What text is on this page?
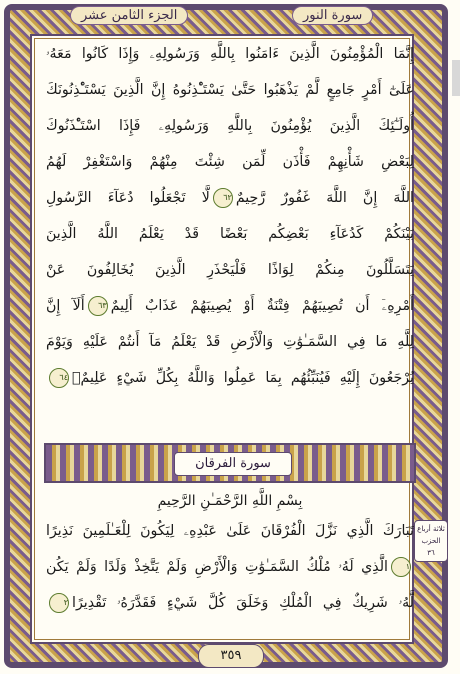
الجزء الثامن عشر	سورة النور
إِنَّمَا الْمُؤْمِنُونَ الَّذِينَ ءَامَنُوا بِاللَّهِ وَرَسُولِهِۦ وَإِذَا كَانُوا مَعَهُۥ
عَلَىٰٓ أَمْرٍ جَامِعٍ لَّمْ يَذْهَبُوا حَتَّىٰ يَسْتَـْٔذِنُوهُ إِنَّ الَّذِينَ يَسْتَـْٔذِنُونَكَ
أُولَـٰٓئِكَ الَّذِينَ يُؤْمِنُونَ بِاللَّهِ وَرَسُولِهِۦ فَإِذَا اسْتَـْٔذَنُوكَ
لِبَعْضِ شَأْنِهِمْ فَأْذَن لِّمَن شِئْتَ مِنْهُمْ وَاسْتَغْفِرْ لَهُمُ
اللَّهَ إِنَّ اللَّهَ غَفُورٌ رَّحِيمٌ٦٢لَّا تَجْعَلُوا دُعَآءَ الرَّسُولِ
بَيْنَكُمْ كَدُعَآءِ بَعْضِكُم بَعْضًا قَدْ يَعْلَمُ اللَّهُ الَّذِينَ
يَتَسَلَّلُونَ مِنكُمْ لِوَاذًا فَلْيَحْذَرِ الَّذِينَ يُخَالِفُونَ عَنْ
أَمْرِهِۦٓ أَن تُصِيبَهُمْ فِتْنَةٌ أَوْ يُصِيبَهُمْ عَذَابٌ أَلِيمٌ٦٣أَلَآ إِنَّ
لِلَّهِ مَا فِي السَّمَـٰوَٰتِ وَالْأَرْضِ قَدْ يَعْلَمُ مَآ أَنتُمْ عَلَيْهِ وَيَوْمَ
يُرْجَعُونَ إِلَيْهِ فَيُنَبِّئُهُم بِمَا عَمِلُوا وَاللَّهُ بِكُلِّ شَيْءٍ عَلِيمٌۢ٦٤
سورة الفرقان
بِسْمِ اللَّهِ الرَّحْمَـٰنِ الرَّحِيمِ
تَبَارَكَ الَّذِي نَزَّلَ الْفُرْقَانَ عَلَىٰ عَبْدِهِۦ لِيَكُونَ لِلْعَـٰلَمِينَ نَذِيرًا
١الَّذِي لَهُۥ مُلْكُ السَّمَـٰوَٰتِ وَالْأَرْضِ وَلَمْ يَتَّخِذْ وَلَدًا وَلَمْ يَكُن
لَّهُۥ شَرِيكٌ فِي الْمُلْكِ وَخَلَقَ كُلَّ شَيْءٍ فَقَدَّرَهُۥ تَقْدِيرًا٢
ثلاثة أرباع
الحزب
٣٦
٣٥٩
